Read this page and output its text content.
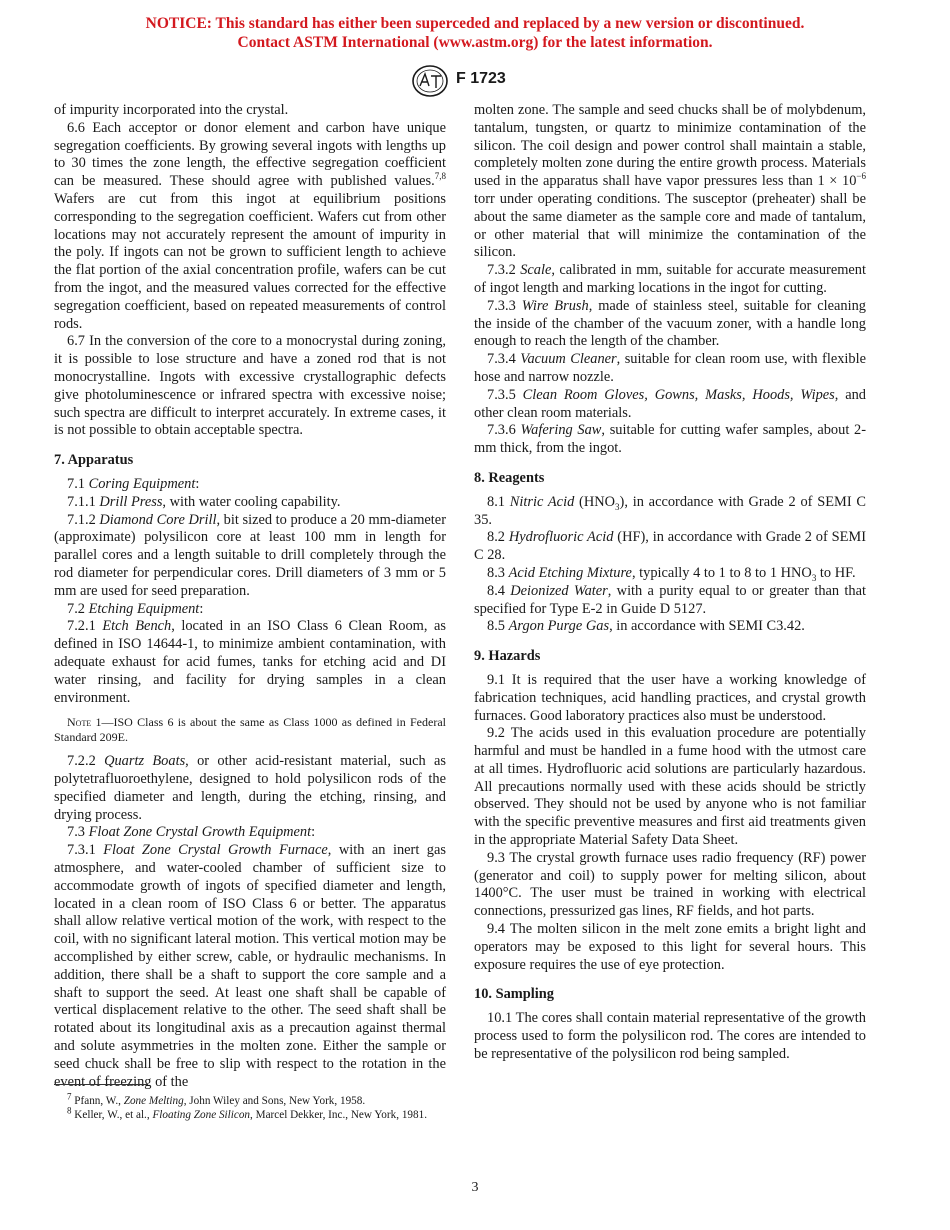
NOTICE: This standard has either been superceded and replaced by a new version or discontinued.
Contact ASTM International (www.astm.org) for the latest information.
F 1723

of impurity incorporated into the crystal.

6.6 Each acceptor or donor element and carbon have unique segregation coefficients. By growing several ingots with lengths up to 30 times the zone length, the effective segregation coefficient can be measured. These should agree with published values.$^{7,8}$ Wafers are cut from this ingot at equilibrium positions corresponding to the segregation coefficient. Wafers cut from other locations may not accurately represent the amount of impurity in the poly. If ingots can not be grown to sufficient length to achieve the flat portion of the axial concentration profile, wafers can be cut from the ingot, and the measured values corrected for the effective segregation coefficient, based on repeated measurements of control rods.

6.7 In the conversion of the core to a monocrystal during zoning, it is possible to lose structure and have a zoned rod that is not monocrystalline. Ingots with excessive crystallographic defects give photoluminescence or infrared spectra with excessive noise; such spectra are difficult to interpret accurately. In extreme cases, it is not possible to obtain acceptable spectra.

7. Apparatus

7.1 Coring Equipment:

7.1.1 Drill Press, with water cooling capability.

7.1.2 Diamond Core Drill, bit sized to produce a 20 mm-diameter (approximate) polysilicon core at least 100 mm in length for parallel cores and a length suitable to drill completely through the rod diameter for perpendicular cores. Drill diameters of 3 mm or 5 mm are used for seed preparation.

7.2 Etching Equipment:

7.2.1 Etch Bench, located in an ISO Class 6 Clean Room, as defined in ISO 14644-1, to minimize ambient contamination, with adequate exhaust for acid fumes, tanks for etching acid and DI water rinsing, and facility for drying samples in a clean environment.

Note 1—ISO Class 6 is about the same as Class 1000 as defined in Federal Standard 209E.

7.2.2 Quartz Boats, or other acid-resistant material, such as polytetrafluoroethylene, designed to hold polysilicon rods of the specified diameter and length, during the etching, rinsing, and drying process.

7.3 Float Zone Crystal Growth Equipment:

7.3.1 Float Zone Crystal Growth Furnace, with an inert gas atmosphere, and water-cooled chamber of sufficient size to accommodate growth of ingots of specified diameter and length, located in a clean room of ISO Class 6 or better. The apparatus shall allow relative vertical motion of the work, with respect to the coil, with no significant lateral motion. This vertical motion may be accomplished by either screw, cable, or hydraulic mechanisms. In addition, there shall be a shaft to support the core sample and a shaft to support the seed. At least one shaft shall be capable of vertical displacement relative to the other. The seed shaft shall be rotated about its longitudinal axis as a precaution against thermal and solute asymmetries in the molten zone. Either the sample or seed chuck shall be free to slip with respect to the rotation in the event of freezing of the

molten zone. The sample and seed chucks shall be of molybdenum, tantalum, tungsten, or quartz to minimize contamination of the silicon. The coil design and power control shall maintain a stable, completely molten zone during the entire growth process. Materials used in the apparatus shall have vapor pressures less than $1 \times 10^{-6}$ torr under operating conditions. The susceptor (preheater) shall be about the same diameter as the sample core and made of tantalum, or other material that will minimize the contamination of the silicon.

7.3.2 Scale, calibrated in mm, suitable for accurate measurement of ingot length and marking locations in the ingot for cutting.

7.3.3 Wire Brush, made of stainless steel, suitable for cleaning the inside of the chamber of the vacuum zoner, with a handle long enough to reach the length of the chamber.

7.3.4 Vacuum Cleaner, suitable for clean room use, with flexible hose and narrow nozzle.

7.3.5 Clean Room Gloves, Gowns, Masks, Hoods, Wipes, and other clean room materials.

7.3.6 Wafering Saw, suitable for cutting wafer samples, about 2-mm thick, from the ingot.

8. Reagents

8.1 Nitric Acid $(HNO_3)$, in accordance with Grade 2 of SEMI C 35.

8.2 Hydrofluoric Acid (HF), in accordance with Grade 2 of SEMI C 28.

8.3 Acid Etching Mixture, typically 4 to 1 to 8 to 1 $HNO_3$ to HF.

8.4 Deionized Water, with a purity equal to or greater than that specified for Type E-2 in Guide D 5127.

8.5 Argon Purge Gas, in accordance with SEMI C3.42.

9. Hazards

9.1 It is required that the user have a working knowledge of fabrication techniques, acid handling practices, and crystal growth furnaces. Good laboratory practices also must be understood.

9.2 The acids used in this evaluation procedure are potentially harmful and must be handled in a fume hood with the utmost care at all times. Hydrofluoric acid solutions are particularly hazardous. All precautions normally used with these acids should be strictly observed. They should not be used by anyone who is not familiar with the specific preventive measures and first aid treatments given in the appropriate Material Safety Data Sheet.

9.3 The crystal growth furnace uses radio frequency (RF) power (generator and coil) to supply power for melting silicon, about 1400°C. The user must be trained in working with electrical connections, pressurized gas lines, RF fields, and hot parts.

9.4 The molten silicon in the melt zone emits a bright light and operators may be exposed to this light for several hours. This exposure requires the use of eye protection.

10. Sampling

10.1 The cores shall contain material representative of the growth process used to form the polysilicon rod. The cores are intended to be representative of the polysilicon rod being sampled.

$^7$ Pfann, W., Zone Melting, John Wiley and Sons, New York, 1958.
$^8$ Keller, W., et al., Floating Zone Silicon, Marcel Dekker, Inc., New York, 1981.
3
